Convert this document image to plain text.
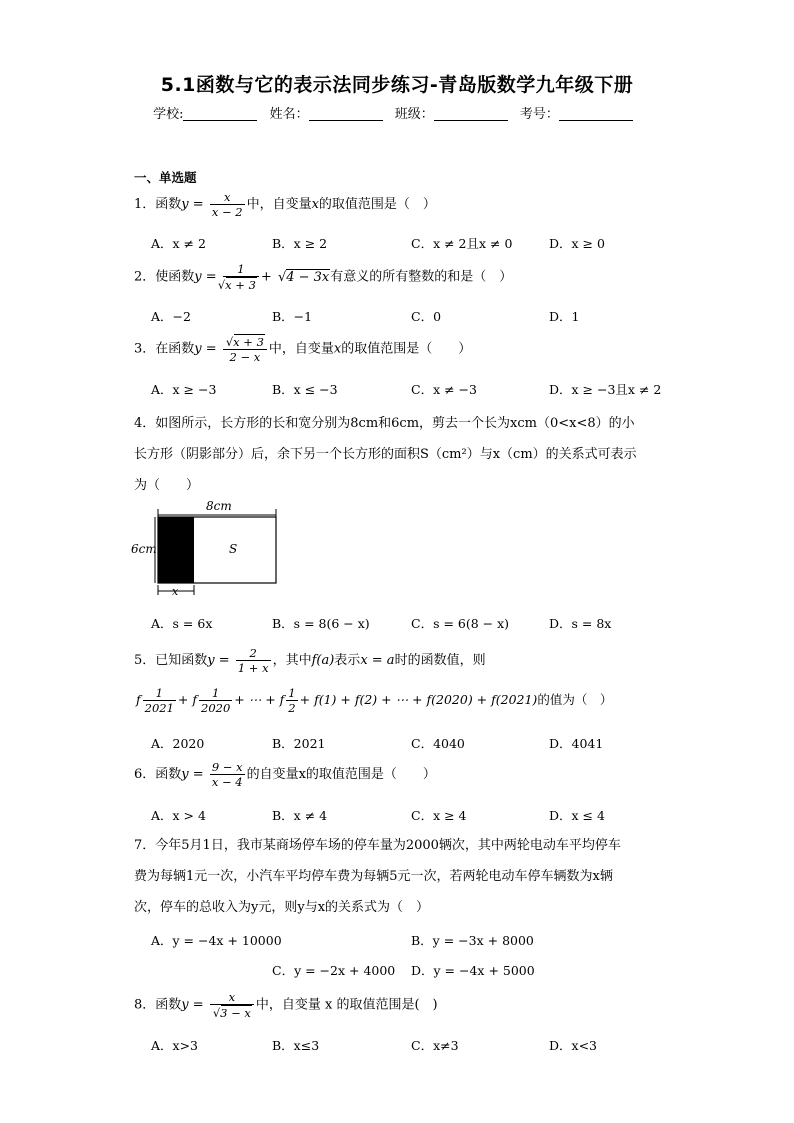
5.1函数与它的表示法同步练习-青岛版数学九年级下册
学校:	姓名：	班级：	考号：
一、单选题
1．函数$y = \frac{x}{x - 2}$ 中，自变量x的取值范围是（　）
A．x ≠ 2	B．x ≥ 2	C．x ≠ 2且x ≠ 0	D．x ≥ 0
2．使函数y = 1
√ x + 3 + √ 4 − 3x有意义的所有整数的和是（　）
A．−2	B．−1	C．0	D．1
3．在函数y = √ $\frac{x + 3}{2 - x}$ 中，自变量x的取值范围是（　　）
A．x ≥ −3	B．x ≤ −3	C．x ≠ −3	D．x ≥ −3且x ≠ 2
4．如图所示，长方形的长和宽分别为8cm和6cm，剪去一个长为xcm（0<x<8）的小
长方形（阴影部分）后，余下另一个长方形的面积S（cm²）与x（cm）的关系式可表示
为（　　）
8cm
6cm	S
x
A．s = 6x	B．s = 8(6 − x)	C．s = 6(8 − x)	D．s = 8x
5．已知函数$y = \frac{2}{1 + x}$ ，其中f(a)表示x = a时的函数值，则
f $\frac{1}{2021} + f \frac{1}{2020}$ + ⋯ + f $\frac{1}{2} + f(1) + f(2)$ + ⋯ + f(2020) + f(2021)的值为（　）
A．2020	B．2021	C．4040	D．4041
6．函数$y = \frac{9 - x}{x - 4}$ 的自变量x的取值范围是（　　）
A．x > 4	B．x ≠ 4	C．x ≥ 4	D．x ≤ 4
7．今年5月1日，我市某商场停车场的停车量为2000辆次，其中两轮电动车平均停车
费为每辆1元一次，小汽车平均停车费为每辆5元一次，若两轮电动车停车辆数为x辆
次，停车的总收入为y元，则y与x的关系式为（　）
A．y = −4x + 10000	B．y = −3x + 8000
C．y = −2x + 4000 D．y = −4x + 5000
8．函数y = x
√ 3 − x 中，自变量 x 的取值范围是(　)
A．x>3	B．x≤3	C．x≠3	D．x<3
